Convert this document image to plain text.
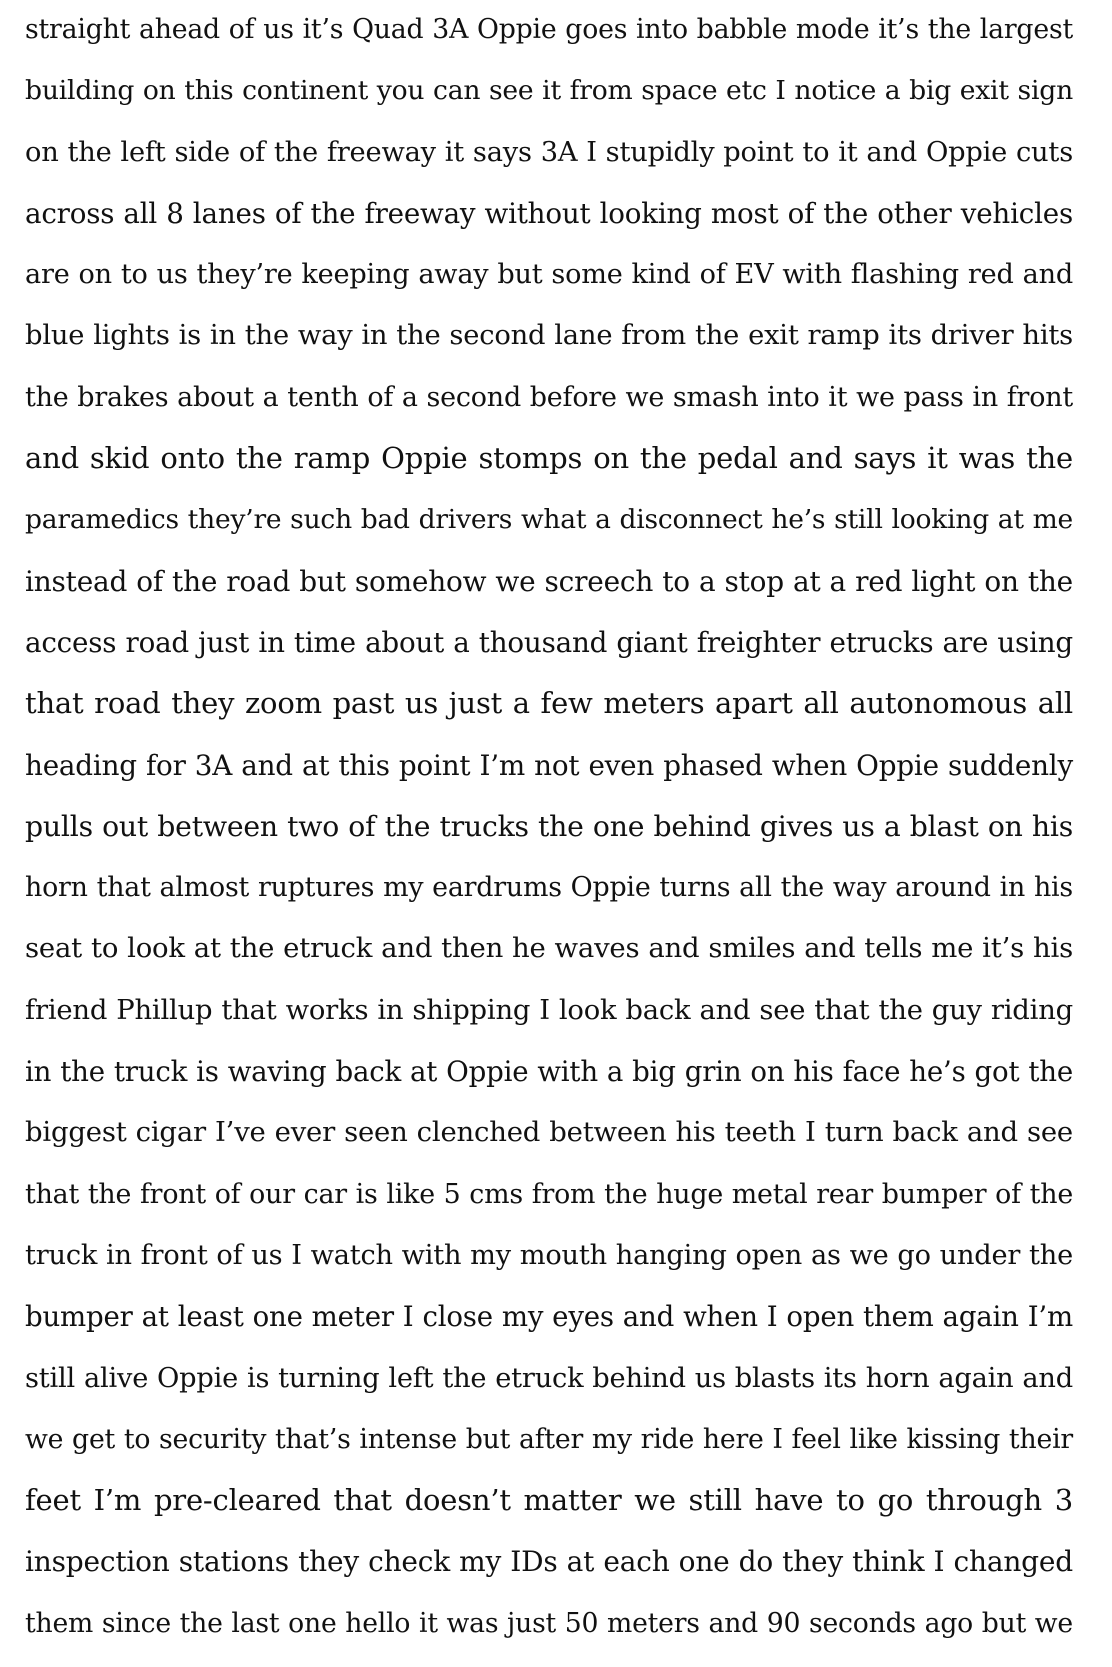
straight ahead of us it’s Quad 3A Oppie goes into babble mode it’s the largest
building on this continent you can see it from space etc I notice a big exit sign
on the left side of the freeway it says 3A I stupidly point to it and Oppie cuts
across all 8 lanes of the freeway without looking most of the other vehicles
are on to us they’re keeping away but some kind of EV with flashing red and
blue lights is in the way in the second lane from the exit ramp its driver hits
the brakes about a tenth of a second before we smash into it we pass in front
and skid onto the ramp Oppie stomps on the pedal and says it was the
paramedics they’re such bad drivers what a disconnect he’s still looking at me
instead of the road but somehow we screech to a stop at a red light on the
access road just in time about a thousand giant freighter etrucks are using
that road they zoom past us just a few meters apart all autonomous all
heading for 3A and at this point I’m not even phased when Oppie suddenly
pulls out between two of the trucks the one behind gives us a blast on his
horn that almost ruptures my eardrums Oppie turns all the way around in his
seat to look at the etruck and then he waves and smiles and tells me it’s his
friend Phillup that works in shipping I look back and see that the guy riding
in the truck is waving back at Oppie with a big grin on his face he’s got the
biggest cigar I’ve ever seen clenched between his teeth I turn back and see
that the front of our car is like 5 cms from the huge metal rear bumper of the
truck in front of us I watch with my mouth hanging open as we go under the
bumper at least one meter I close my eyes and when I open them again I’m
still alive Oppie is turning left the etruck behind us blasts its horn again and
we get to security that’s intense but after my ride here I feel like kissing their
feet I’m pre-cleared that doesn’t matter we still have to go through 3
inspection stations they check my IDs at each one do they think I changed
them since the last one hello it was just 50 meters and 90 seconds ago but we
